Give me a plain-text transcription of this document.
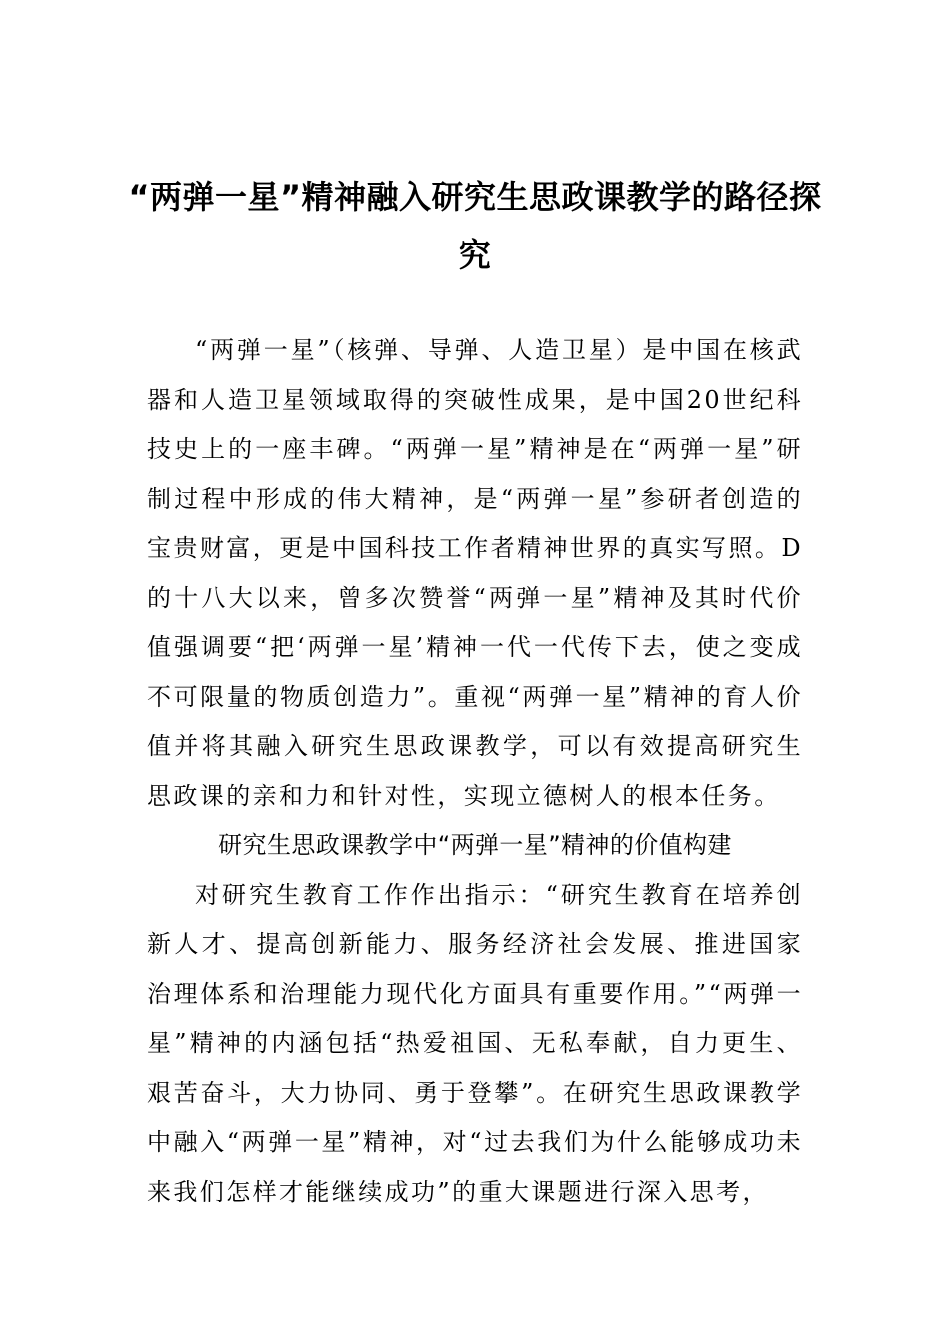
“两弹一星”精神融入研究生思政课教学的路径探究

“两弹一星”（核弹、导弹、人造卫星）是中国在核武器和人造卫星领域取得的突破性成果，是中国20世纪科技史上的一座丰碑。“两弹一星”精神是在“两弹一星”研制过程中形成的伟大精神，是“两弹一星”参研者创造的宝贵财富，更是中国科技工作者精神世界的真实写照。D的十八大以来，曾多次赞誉“两弹一星”精神及其时代价值强调要“把‘两弹一星’精神一代一代传下去，使之变成不可限量的物质创造力”。重视“两弹一星”精神的育人价值并将其融入研究生思政课教学，可以有效提高研究生思政课的亲和力和针对性，实现立德树人的根本任务。

研究生思政课教学中“两弹一星”精神的价值构建

对研究生教育工作作出指示：“研究生教育在培养创新人才、提高创新能力、服务经济社会发展、推进国家治理体系和治理能力现代化方面具有重要作用。”“两弹一星”精神的内涵包括“热爱祖国、无私奉献，自力更生、艰苦奋斗，大力协同、勇于登攀”。在研究生思政课教学中融入“两弹一星”精神，对“过去我们为什么能够成功未来我们怎样才能继续成功”的重大课题进行深入思考，
